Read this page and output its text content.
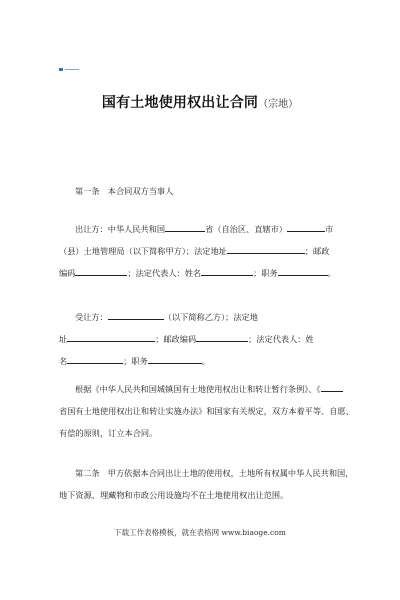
国有土地使用权出让合同（宗地）
第一条　本合同双方当事人
出让方：中华人民共和国	省（自治区、直辖市）	市
（县）土地管理局（以下简称甲方）；法定地址	；邮政
编码	；法定代表人：姓名	；职务	。
受让方：	（以下简称乙方）；法定地
址	；邮政编码	；法定代表人：姓
名	；职务	。
根据《中华人民共和国城镇国有土地使用权出让和转让暂行条例》、《
省国有土地使用权出让和转让实施办法》和国家有关规定，双方本着平等、自愿、
有偿的原则，订立本合同。
第二条　甲方依据本合同出让土地的使用权，土地所有权属中华人民共和国，
地下资源、埋藏物和市政公用设施均不在土地使用权出让范围。
下载工作表格模板，就在表格网 www.biaoge.com
